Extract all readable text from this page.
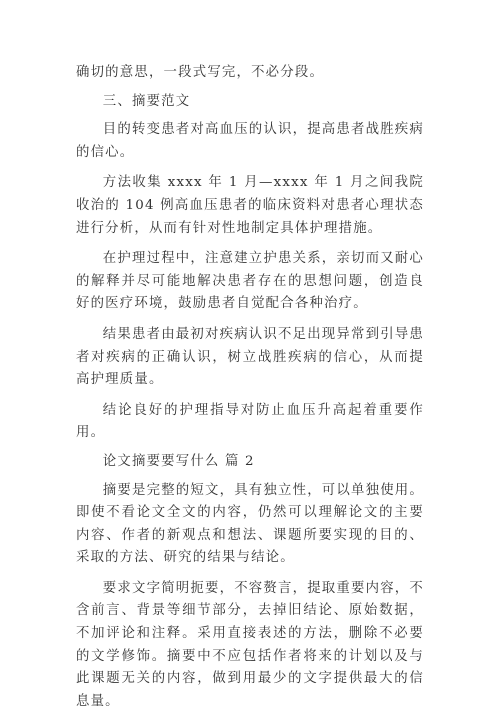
确切的意思，一段式写完，不必分段。

三、摘要范文

目的转变患者对高血压的认识，提高患者战胜疾病的信心。

方法收集 xxxx 年 1 月—xxxx 年 1 月之间我院收治的 104 例高血压患者的临床资料对患者心理状态进行分析，从而有针对性地制定具体护理措施。

在护理过程中，注意建立护患关系，亲切而又耐心的解释并尽可能地解决患者存在的思想问题，创造良好的医疗环境，鼓励患者自觉配合各种治疗。

结果患者由最初对疾病认识不足出现异常到引导患者对疾病的正确认识，树立战胜疾病的信心，从而提高护理质量。

结论良好的护理指导对防止血压升高起着重要作用。

论文摘要要写什么 篇 2

摘要是完整的短文，具有独立性，可以单独使用。即使不看论文全文的内容，仍然可以理解论文的主要内容、作者的新观点和想法、课题所要实现的目的、采取的方法、研究的结果与结论。

要求文字简明扼要，不容赘言，提取重要内容，不含前言、背景等细节部分，去掉旧结论、原始数据，不加评论和注释。采用直接表述的方法，删除不必要的文学修饰。摘要中不应包括作者将来的计划以及与此课题无关的内容，做到用最少的文字提供最大的信息量。
